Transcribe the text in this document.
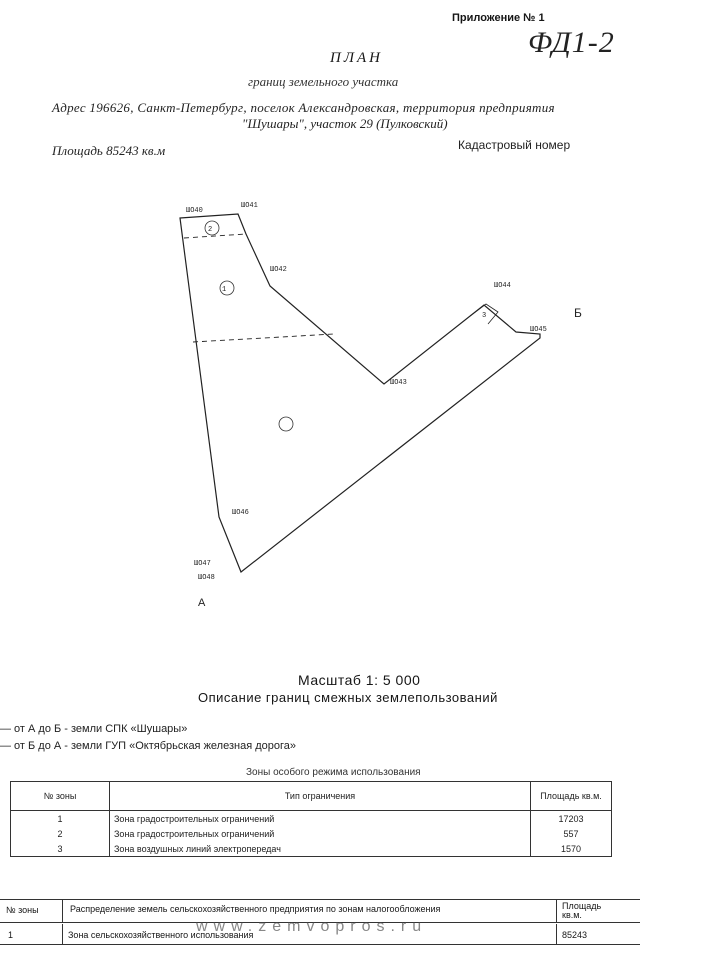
Приложение № 1
ФД1-2
ПЛАН
границ земельного участка
Адрес 196626, Санкт-Петербург, поселок Александровская, территория предприятия
"Шушары", участок 29 (Пулковский)
Площадь 85243 кв.м	Кадастровый номер
2
1
3
ШО40
ШО41
ШО42
ШО43
ШО44
ШО45
ШО46
ШО47
ШО48
Б
А
Масштаб 1: 5 000
Описание границ смежных землепользований
— от А до Б - земли СПК «Шушары»
— от Б до А - земли ГУП «Октябрьская железная дорога»
Зоны особого режима использования
№ зоны	Тип ограничения	Площадь кв.м.
1	Зона градостроительных ограничений	17203
2	Зона градостроительных ограничений	557
3	Зона воздушных линий электропередач	1570
№ зоны	Распределение земель сельскохозяйственного предприятия по зонам налогообложения	Площадь кв.м.
1	Зона сельскохозяйственного использования	85243
www.zemvopros.ru
